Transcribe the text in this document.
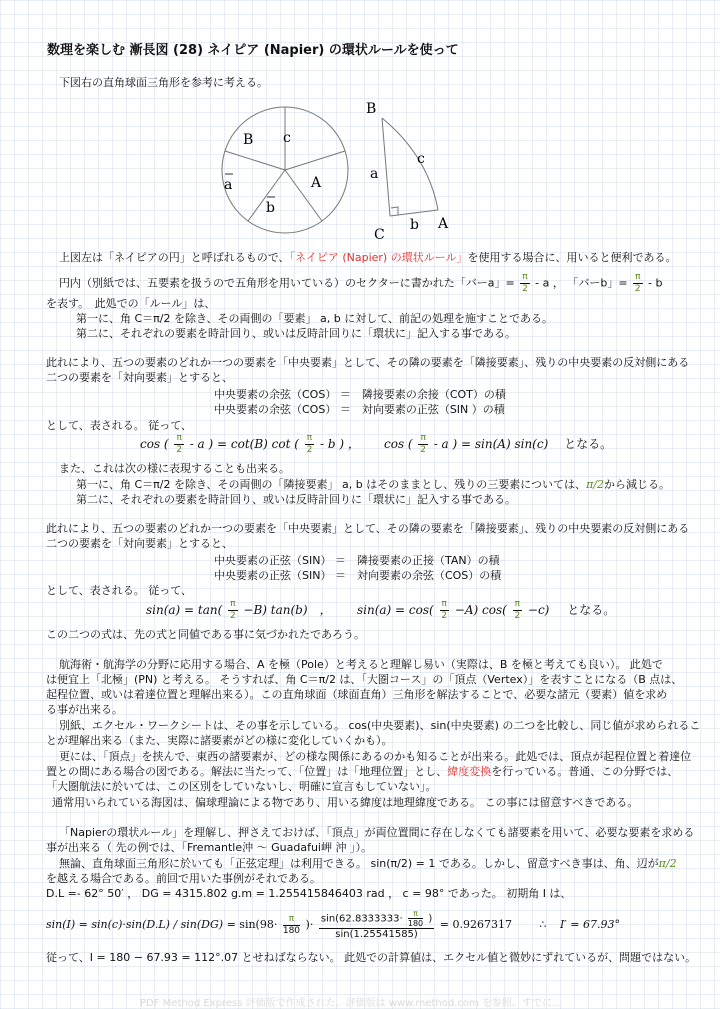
数理を楽しむ 漸長図 (28) ネイピア (Napier) の環状ルールを使って
下図右の直角球面三角形を参考に考える。
B c
a	A
b
B
c
a
C
b A
上図左は「ネイピアの円」と呼ばれるもので、「ネイピア (Napier) の環状ルール」を使用する場合に、用いると便利である。
円内（別紙では、五要素を扱うので五角形を用いている）のセクターに書かれた「バーa」= $\frac{\pi}{2}$ - a ， 「バーb」= $\frac{\pi}{2}$ - b
を表す。　此処での「ルール」は、
第一に、角 C＝π/2 を除き、その両側の「要素」 a, b に対して、前記の処理を施すことである。
第二に、それぞれの要素を時計回り、或いは反時計回りに「環状に」記入する事である。
此れにより、五つの要素のどれか一つの要素を「中央要素」として、その隣の要素を「隣接要素」、残りの中央要素の反対側にある
二つの要素を「対向要素」とすると、
中央要素の余弦（COS） ＝　隣接要素の余接（COT）の積
中央要素の余弦（COS） ＝　対向要素の正弦（SIN ）の積
として、表される。 従って、
cos ( $\frac{\pi}{2}$ - a ) = cot(B) cot ( $\frac{\pi}{2}$ - b ) ， cos ( $\frac{\pi}{2}$ - a ) = sin(A) sin(c) となる。
また、これは次の様に表現することも出来る。
第一に、角 C＝π/2 を除き、その両側の「隣接要素」 a, b はそのままとし、残りの三要素については、π/2から減じる。
第二に、それぞれの要素を時計回り、或いは反時計回りに「環状に」記入する事である。
此れにより、五つの要素のどれか一つの要素を「中央要素」として、その隣の要素を「隣接要素」、残りの中央要素の反対側にある
二つの要素を「対向要素」とすると、
中央要素の正弦（SIN） ＝　隣接要素の正接（TAN）の積
中央要素の正弦（SIN） ＝　対向要素の余弦（COS）の積
として、表される。 従って、
$\sin(a) = \tan( \frac{\pi}{2} -B)$ tan(b)　， $\sin(a) = \cos( \frac{\pi}{2} -A)$ $\cos( \frac{\pi}{2} -c)$ となる。
この二つの式は、先の式と同値である事に気づかれたであろう。
航海術・航海学の分野に応用する場合、A を極（Pole）と考えると理解し易い（実際は、B を極と考えても良い）。 此処で
は便宜上「北極」(PN) と考える。 そうすれば、角 C＝π/2 は、「大圏コース」の「頂点（Vertex）」を表すことになる（B 点は、
起程位置、或いは着達位置と理解出来る）。この直角球面（球面直角）三角形を解法することで、必要な諸元（要素）値を求め
る事が出来る。
別紙、エクセル・ワークシートは、その事を示している。 cos(中央要素)、sin(中央要素) の二つを比較し、同じ値が求められるこ
とが理解出来る（また、実際に諸要素がどの様に変化していくかも）。
更には、「頂点」を挟んで、東西の諸要素が、どの様な関係にあるのかも知ることが出来る。此処では、頂点が起程位置と着達位
置との間にある場合の図である。解法に当たって、「位置」は「地理位置」とし、緯度変換を行っている。普通、この分野では、
「大圏航法に於いては、この区別をしていないし、明確に宣言もしていない」。
通常用いられている海図は、偏球理論による物であり、用いる緯度は地理緯度である。 この事には留意すべきである。
「Napierの環状ルール」を理解し、押さえておけば、「頂点」が両位置間に存在しなくても諸要素を用いて、必要な要素を求める
事が出来る（ 先の例では、「Fremantle沖 ～ Guadafui岬 沖 」）。
無論、直角球面三角形に於いても「正弦定理」は利用できる。 sin(π/2) = 1 である。しかし、留意すべき事は、角、辺がπ/2
を越える場合である。前回で用いた事例がそれである。
D.L =- 62° 50′ ， DG = 4315.802 g.m = 1.255415846403 rad ， c = 98° であった。 初期角 I は、
$\sin(I) = \sin(c)\cdot\sin(D.L) / \sin(DG) = \sin(98\cdot \frac{\pi}{180}$ )· $\frac{\sin(62.8333333\cdot \frac{\pi}{180} )}{\sin(1.25541585)} = 0.9267317$	∴ I′ = 67.93°
従って、I = 180 − 67.93 = 112°.07 とせねばならない。 此処での計算値は、エクセル値と微妙にずれているが、問題ではない。
PDF Method Express 評価版で作成された。評価版は www.method.com を参照。すでに...
